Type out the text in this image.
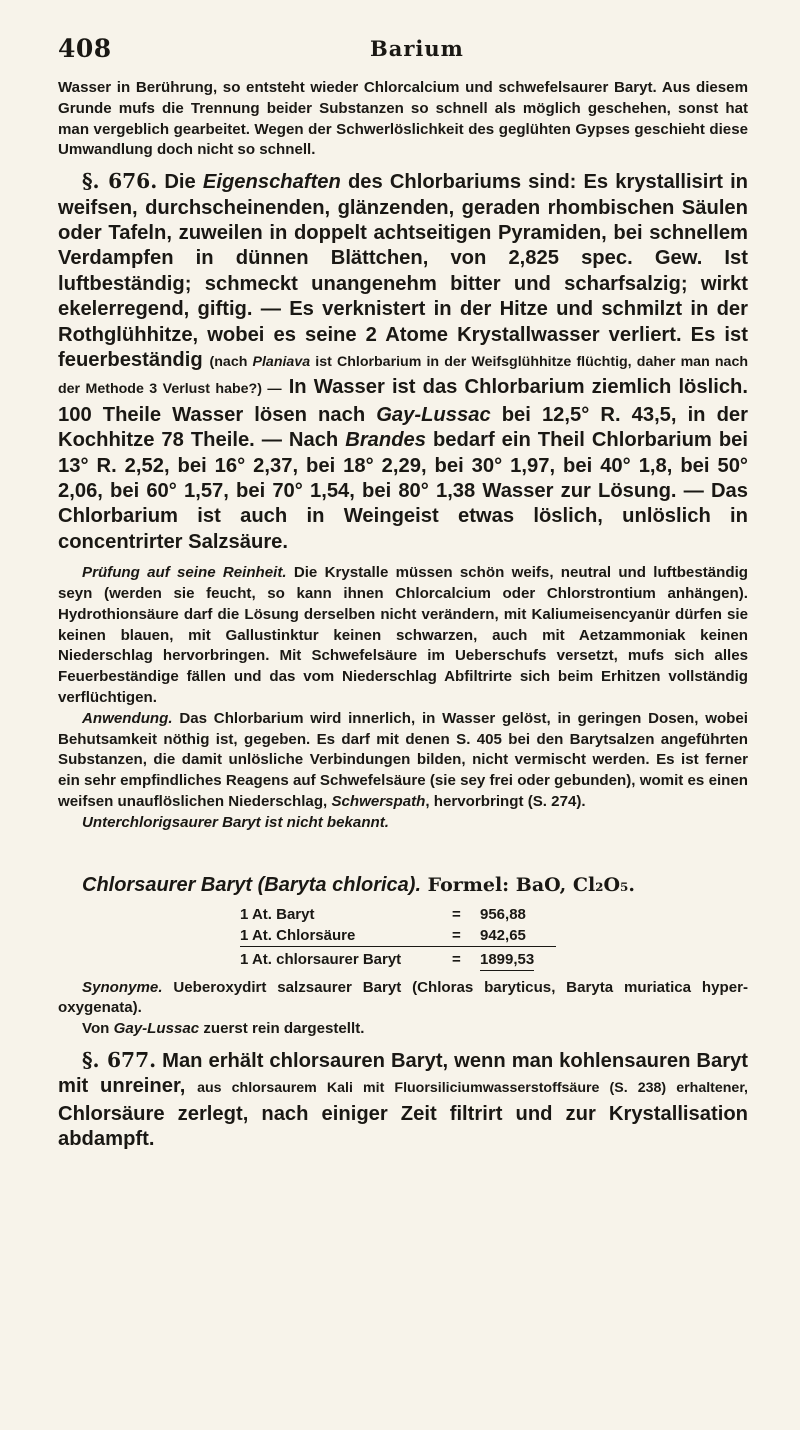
408	Barium

Wasser in Berührung, so entsteht wieder Chlorcalcium und schwefelsaurer Baryt. Aus diesem Grunde mufs die Trennung beider Substanzen so schnell als möglich geschehen, sonst hat man vergeblich gearbeitet. Wegen der Schwerlöslichkeit des geglühten Gypses geschieht diese Umwandlung doch nicht so schnell.

§. 676. Die Eigenschaften des Chlorbariums sind: Es krystallisirt in weifsen, durchscheinenden, glänzenden, geraden rhombischen Säulen oder Tafeln, zuweilen in doppelt achtseitigen Pyramiden, bei schnellem Verdampfen in dünnen Blättchen, von 2,825 spec. Gew. Ist luftbeständig; schmeckt unangenehm bitter und scharfsalzig; wirkt ekelerregend, giftig. — Es verknistert in der Hitze und schmilzt in der Rothglühhitze, wobei es seine 2 Atome Krystallwasser verliert. Es ist feuerbeständig (nach Planiava ist Chlorbarium in der Weifsglühhitze flüchtig, daher man nach der Methode 3 Verlust habe?) — In Wasser ist das Chlorbarium ziemlich löslich. 100 Theile Wasser lösen nach Gay-Lussac bei 12,5° R. 43,5, in der Kochhitze 78 Theile. — Nach Brandes bedarf ein Theil Chlorbarium bei 13° R. 2,52, bei 16° 2,37, bei 18° 2,29, bei 30° 1,97, bei 40° 1,8, bei 50° 2,06, bei 60° 1,57, bei 70° 1,54, bei 80° 1,38 Wasser zur Lösung. — Das Chlorbarium ist auch in Weingeist etwas löslich, unlöslich in concentrirter Salzsäure.

Prüfung auf seine Reinheit. Die Krystalle müssen schön weifs, neutral und luftbeständig seyn (werden sie feucht, so kann ihnen Chlorcalcium oder Chlorstrontium anhängen). Hydrothionsäure darf die Lösung derselben nicht verändern, mit Kaliumeisencyanür dürfen sie keinen blauen, mit Gallustinktur keinen schwarzen, auch mit Aetzammoniak keinen Niederschlag hervorbringen. Mit Schwefelsäure im Ueberschufs versetzt, mufs sich alles Feuerbeständige fällen und das vom Niederschlag Abfiltrirte sich beim Erhitzen vollständig verflüchtigen.

Anwendung. Das Chlorbarium wird innerlich, in Wasser gelöst, in geringen Dosen, wobei Behutsamkeit nöthig ist, gegeben. Es darf mit denen S. 405 bei den Barytsalzen angeführten Substanzen, die damit unlösliche Verbindungen bilden, nicht vermischt werden. Es ist ferner ein sehr empfindliches Reagens auf Schwefelsäure (sie sey frei oder gebunden), womit es einen weifsen unauflöslichen Niederschlag, Schwerspath, hervorbringt (S. 274).

Unterchlorigsaurer Baryt ist nicht bekannt.

Chlorsaurer Baryt (Baryta chlorica). Formel: BaO, Cl₂O₅.

1 At. Baryt	= 956,88
1 At. Chlorsäure	= 942,65
1 At. chlorsaurer Baryt	= 1899,53

Synonyme. Ueberoxydirt salzsaurer Baryt (Chloras baryticus, Baryta muriatica hyper-oxygenata).

Von Gay-Lussac zuerst rein dargestellt.

§. 677. Man erhält chlorsauren Baryt, wenn man kohlensauren Baryt mit unreiner, aus chlorsaurem Kali mit Fluorsiliciumwasserstoffsäure (S. 238) erhaltener, Chlorsäure zerlegt, nach einiger Zeit filtrirt und zur Krystallisation abdampft.
